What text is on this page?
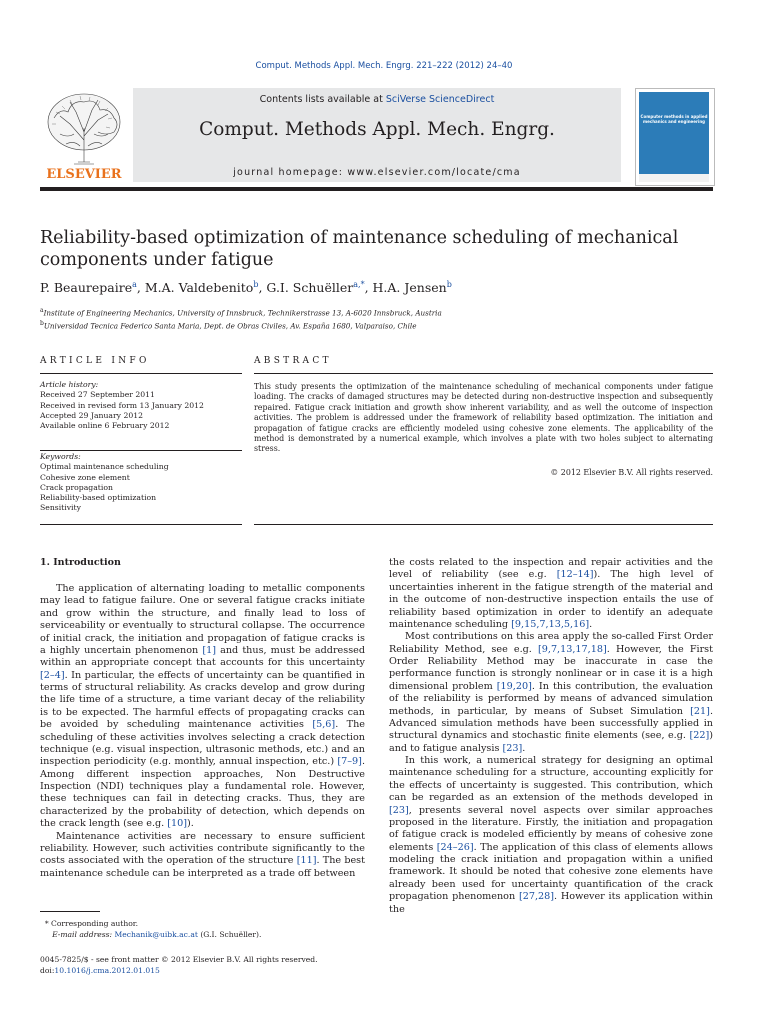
Comput. Methods Appl. Mech. Engrg. 221–222 (2012) 24–40
ELSEVIER
Contents lists available at SciVerse ScienceDirect
Comput. Methods Appl. Mech. Engrg.
journal homepage: www.elsevier.com/locate/cma
Computer methods in applied mechanics and engineering
Reliability-based optimization of maintenance scheduling of mechanical components under fatigue
P. Beaurepaire$^a$, M.A. Valdebenito$^b$, G.I. Schuëller$^{a,*}$, H.A. Jensen$^b$
$^a$Institute of Engineering Mechanics, University of Innsbruck, Technikerstrasse 13, A-6020 Innsbruck, Austria
$^b$Universidad Tecnica Federico Santa Maria, Dept. de Obras Civiles, Av. España 1680, Valparaiso, Chile
ARTICLE INFO
Article history:
Received 27 September 2011
Received in revised form 13 January 2012
Accepted 29 January 2012
Available online 6 February 2012
Keywords:
Optimal maintenance scheduling
Cohesive zone element
Crack propagation
Reliability-based optimization
Sensitivity
ABSTRACT
This study presents the optimization of the maintenance scheduling of mechanical components under fatigue loading. The cracks of damaged structures may be detected during non-destructive inspection and subsequently repaired. Fatigue crack initiation and growth show inherent variability, and as well the outcome of inspection activities. The problem is addressed under the framework of reliability based optimization. The initiation and propagation of fatigue cracks are efficiently modeled using cohesive zone elements. The applicability of the method is demonstrated by a numerical example, which involves a plate with two holes subject to alternating stress.
© 2012 Elsevier B.V. All rights reserved.
1. Introduction

The application of alternating loading to metallic components may lead to fatigue failure. One or several fatigue cracks initiate and grow within the structure, and finally lead to loss of serviceability or eventually to structural collapse. The occurrence of initial crack, the initiation and propagation of fatigue cracks is a highly uncertain phenomenon [1] and thus, must be addressed within an appropriate concept that accounts for this uncertainty [2–4]. In particular, the effects of uncertainty can be quantified in terms of structural reliability. As cracks develop and grow during the life time of a structure, a time variant decay of the reliability is to be expected. The harmful effects of propagating cracks can be avoided by scheduling maintenance activities [5,6]. The scheduling of these activities involves selecting a crack detection technique (e.g. visual inspection, ultrasonic methods, etc.) and an inspection periodicity (e.g. monthly, annual inspection, etc.) [7–9]. Among different inspection approaches, Non Destructive Inspection (NDI) techniques play a fundamental role. However, these techniques can fail in detecting cracks. Thus, they are characterized by the probability of detection, which depends on the crack length (see e.g. [10]).

Maintenance activities are necessary to ensure sufficient reliability. However, such activities contribute significantly to the costs associated with the operation of the structure [11]. The best maintenance schedule can be interpreted as a trade off between

the costs related to the inspection and repair activities and the level of reliability (see e.g. [12–14]). The high level of uncertainties inherent in the fatigue strength of the material and in the outcome of non-destructive inspection entails the use of reliability based optimization in order to identify an adequate maintenance scheduling [9,15,7,13,5,16].

Most contributions on this area apply the so-called First Order Reliability Method, see e.g. [9,7,13,17,18]. However, the First Order Reliability Method may be inaccurate in case the performance function is strongly nonlinear or in case it is a high dimensional problem [19,20]. In this contribution, the evaluation of the reliability is performed by means of advanced simulation methods, in particular, by means of Subset Simulation [21]. Advanced simulation methods have been successfully applied in structural dynamics and stochastic finite elements (see, e.g. [22]) and to fatigue analysis [23].

In this work, a numerical strategy for designing an optimal maintenance scheduling for a structure, accounting explicitly for the effects of uncertainty is suggested. This contribution, which can be regarded as an extension of the methods developed in [23], presents several novel aspects over similar approaches proposed in the literature. Firstly, the initiation and propagation of fatigue crack is modeled efficiently by means of cohesive zone elements [24–26]. The application of this class of elements allows modeling the crack initiation and propagation within a unified framework. It should be noted that cohesive zone elements have already been used for uncertainty quantification of the crack propagation phenomenon [27,28]. However its application within the

* Corresponding author.
E-mail address: Mechanik@uibk.ac.at (G.I. Schuëller).
0045-7825/$ - see front matter © 2012 Elsevier B.V. All rights reserved.
doi:10.1016/j.cma.2012.01.015
